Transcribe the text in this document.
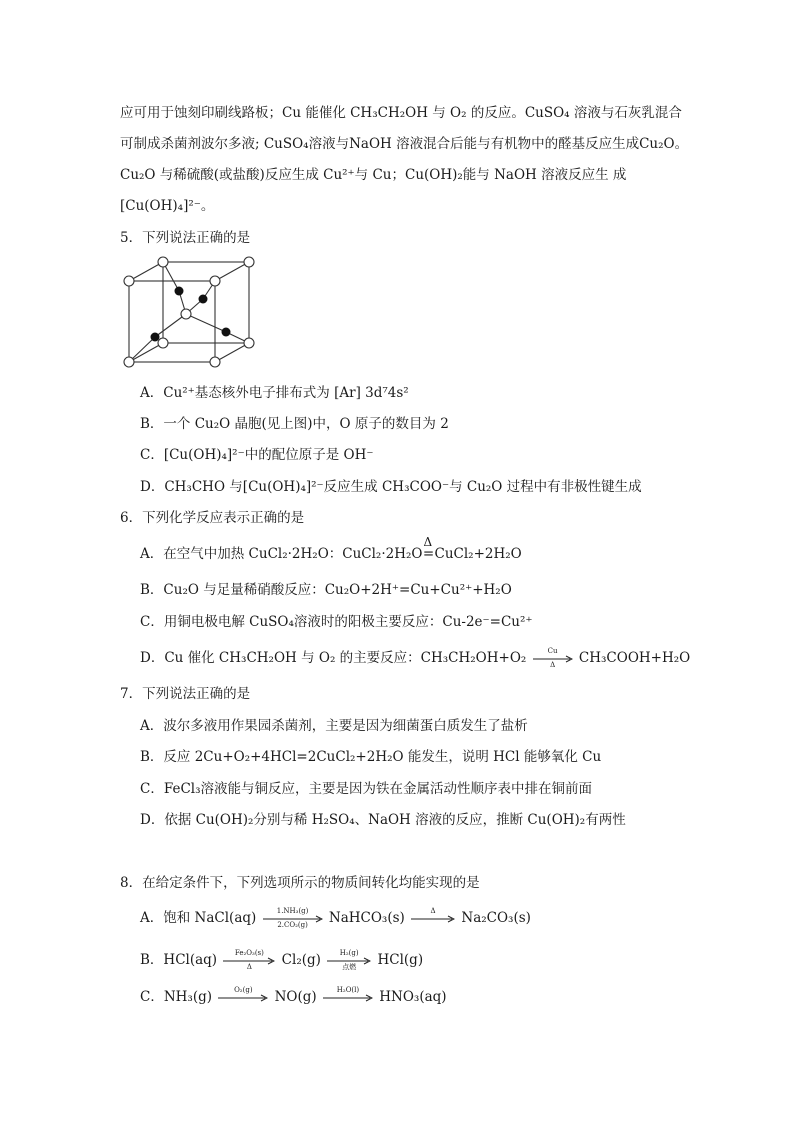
应可用于蚀刻印刷线路板；Cu 能催化 CH₃CH₂OH 与 O₂ 的反应。CuSO₄ 溶液与石灰乳混合
可制成杀菌剂波尔多液; CuSO₄溶液与NaOH 溶液混合后能与有机物中的醛基反应生成Cu₂O。
Cu₂O 与稀硫酸(或盐酸)反应生成 Cu²⁺与 Cu；Cu(OH)₂能与 NaOH 溶液反应生 成
[Cu(OH)₄]²⁻。
5．下列说法正确的是
A．Cu²⁺基态核外电子排布式为 [Ar] 3d⁷4s²
B．一个 Cu₂O 晶胞(见上图)中，O 原子的数目为 2
C．[Cu(OH)₄]²⁻中的配位原子是 OH⁻
D．CH₃CHO 与[Cu(OH)₄]²⁻反应生成 CH₃COO⁻与 Cu₂O 过程中有非极性键生成
6．下列化学反应表示正确的是
A．在空气中加热 CuCl₂·2H₂O：CuCl₂·2H₂O
Δ
=CuCl₂+2H₂O
B．Cu₂O 与足量稀硝酸反应：Cu₂O+2H⁺=Cu+Cu²⁺+H₂O
C．用铜电极电解 CuSO₄溶液时的阳极主要反应：Cu-2e⁻=Cu²⁺
D．Cu 催化 CH₃CH₂OH 与 O₂ 的主要反应：CH₃CH₂OH+O₂	Cu
Δ	CH₃COOH+H₂O
7．下列说法正确的是
A．波尔多液用作果园杀菌剂，主要是因为细菌蛋白质发生了盐析
B．反应 2Cu+O₂+4HCl=2CuCl₂+2H₂O 能发生，说明 HCl 能够氧化 Cu
C．FeCl₃溶液能与铜反应，主要是因为铁在金属活动性顺序表中排在铜前面
D．依据 Cu(OH)₂分别与稀 H₂SO₄、NaOH 溶液的反应，推断 Cu(OH)₂有两性
8．在给定条件下，下列选项所示的物质间转化均能实现的是
A．饱和 NaCl(aq)	1.NH₃(g)
2.CO₂(g)	NaHCO₃(s)	Δ	Na₂CO₃(s)
B．HCl(aq)	Fe₂O₃(s)
Δ	Cl₂(g)	H₂(g)
点燃	HCl(g)
C．NH₃(g)	O₂(g)	NO(g)	H₂O(l)	HNO₃(aq)
